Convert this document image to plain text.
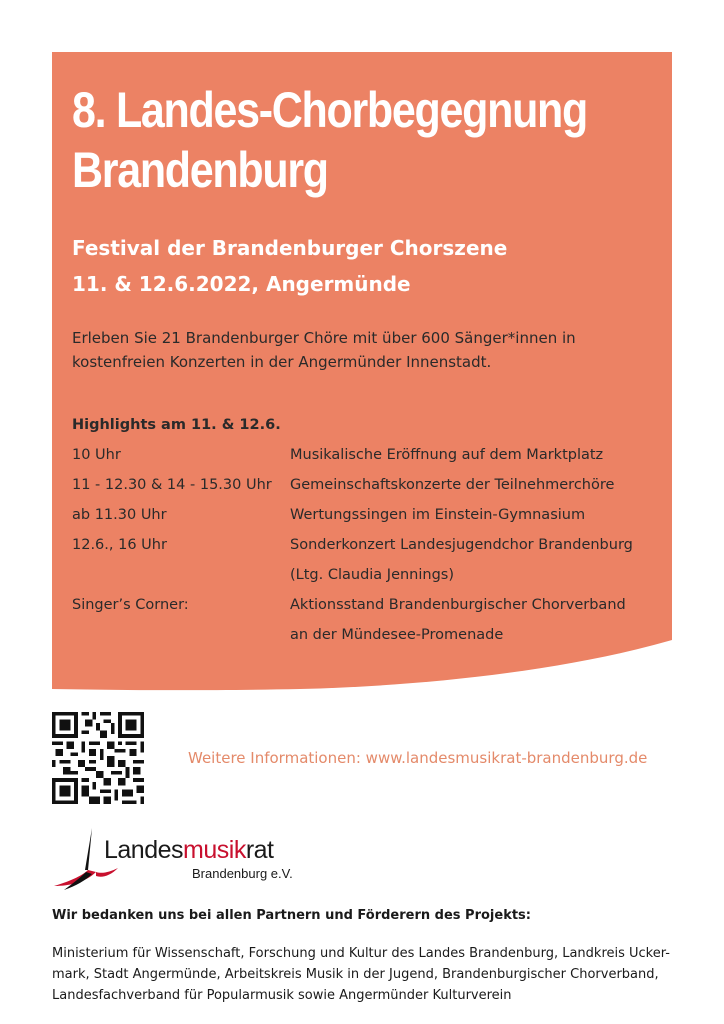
8. Landes-Chorbegegnung
Brandenburg
Festival der Brandenburger Chorszene
11. & 12.6.2022, Angermünde
Erleben Sie 21 Brandenburger Chöre mit über 600 Sänger*innen in
kostenfreien Konzerten in der Angermünder Innenstadt.
Highlights am 11. & 12.6.
10 Uhr	Musikalische Eröffnung auf dem Marktplatz
11 - 12.30 & 14 - 15.30 Uhr	Gemeinschaftskonzerte der Teilnehmerchöre
ab 11.30 Uhr	Wertungssingen im Einstein-Gymnasium
12.6., 16 Uhr	Sonderkonzert Landesjugendchor Brandenburg
(Ltg. Claudia Jennings)
Singer’s Corner:	Aktionsstand Brandenburgischer Chorverband
an der Mündesee-Promenade
Weitere Informationen: www.landesmusikrat-brandenburg.de
Landesmusikrat
Brandenburg e.V.
Wir bedanken uns bei allen Partnern und Förderern des Projekts:
Ministerium für Wissenschaft, Forschung und Kultur des Landes Brandenburg, Landkreis Ucker-
mark, Stadt Angermünde, Arbeitskreis Musik in der Jugend, Brandenburgischer Chorverband,
Landesfachverband für Popularmusik sowie Angermünder Kulturverein
